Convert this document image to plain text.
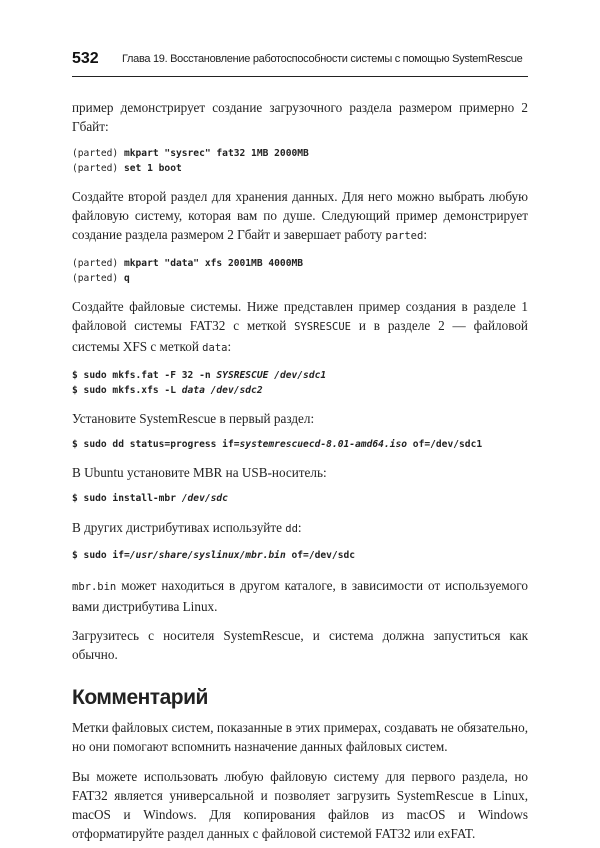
532 Глава 19. Восстановление работоспособности системы с помощью SystemRescue

пример демонстрирует создание загрузочного раздела размером примерно 2 Гбайт:

(parted) mkpart "sysrec" fat32 1MB 2000MB
(parted) set 1 boot

Создайте второй раздел для хранения данных. Для него можно выбрать любую файловую систему, которая вам по душе. Следующий пример демонстрирует создание раздела размером 2 Гбайт и завершает работу parted:

(parted) mkpart "data" xfs 2001MB 4000MB
(parted) q

Создайте файловые системы. Ниже представлен пример создания в разделе 1 файловой системы FAT32 с меткой SYSRESCUE и в разделе 2 — файловой системы XFS с меткой data:

$ sudo mkfs.fat -F 32 -n SYSRESCUE /dev/sdc1
$ sudo mkfs.xfs -L data /dev/sdc2

Установите SystemRescue в первый раздел:

$ sudo dd status=progress if=systemrescuecd-8.01-amd64.iso of=/dev/sdc1

В Ubuntu установите MBR на USB-носитель:

$ sudo install-mbr /dev/sdc

В других дистрибутивах используйте dd:

$ sudo if=/usr/share/syslinux/mbr.bin of=/dev/sdc

mbr.bin может находиться в другом каталоге, в зависимости от используемого вами дистрибутива Linux.

Загрузитесь с носителя SystemRescue, и система должна запуститься как обычно.

Комментарий

Метки файловых систем, показанные в этих примерах, создавать не обязательно, но они помогают вспомнить назначение данных файловых систем.

Вы можете использовать любую файловую систему для первого раздела, но FAT32 является универсальной и позволяет загрузить SystemRescue в Linux, macOS и Windows. Для копирования файлов из macOS и Windows отформатируйте раздел данных с файловой системой FAT32 или exFAT.
